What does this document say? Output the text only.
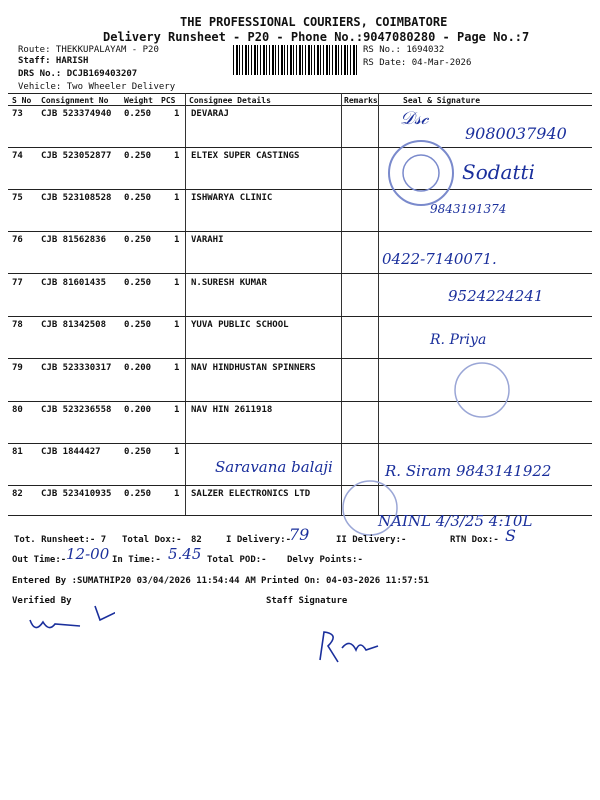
THE PROFESSIONAL COURIERS, COIMBATORE
Delivery Runsheet - P20 - Phone No.:9047080280 - Page No.:7
Route: THEKKUPALAYAM - P20
Staff: HARISH
DRS No.: DCJB169403207
Vehicle: Two Wheeler Delivery
RS No.: 1694032
RS Date: 04-Mar-2026
S No Consignment No Weight PCS Consignee Details	Remarks	Seal & Signature
73 CJB 523374940 0.250	1 DEVARAJ
74 CJB 523052877 0.250	1 ELTEX SUPER CASTINGS
75 CJB 523108528 0.250	1 ISHWARYA CLINIC
76 CJB 81562836 0.250	1 VARAHI
77 CJB 81601435 0.250	1 N.SURESH KUMAR
78 CJB 81342508 0.250	1 YUVA PUBLIC SCHOOL
79 CJB 523330317 0.200	1 NAV HINDHUSTAN SPINNERS
80 CJB 523236558 0.200	1 NAV HIN 2611918
81 CJB 1844427	0.250	1
82 CJB 523410935 0.250	1 SALZER ELECTRONICS LTD
𝒟𝓈𝒸
9080037940
Sodatti
9843191374
0422-7140071.
9524224241
R. Priya
Saravana balaji	R. Siram 9843141922
NAINL 4/3/25 4:10L
Tot. Runsheet:- 7 Total Dox:- 82	I Delivery:-
79	II Delivery:-	RTN Dox:- S
Out Time:- 12-00 In Time:- 5.45 Total POD:- Delvy Points:-
Entered By :SUMATHIP20 03/04/2026 11:54:44 AM Printed On: 04-03-2026 11:57:51
Verified By	Staff Signature
